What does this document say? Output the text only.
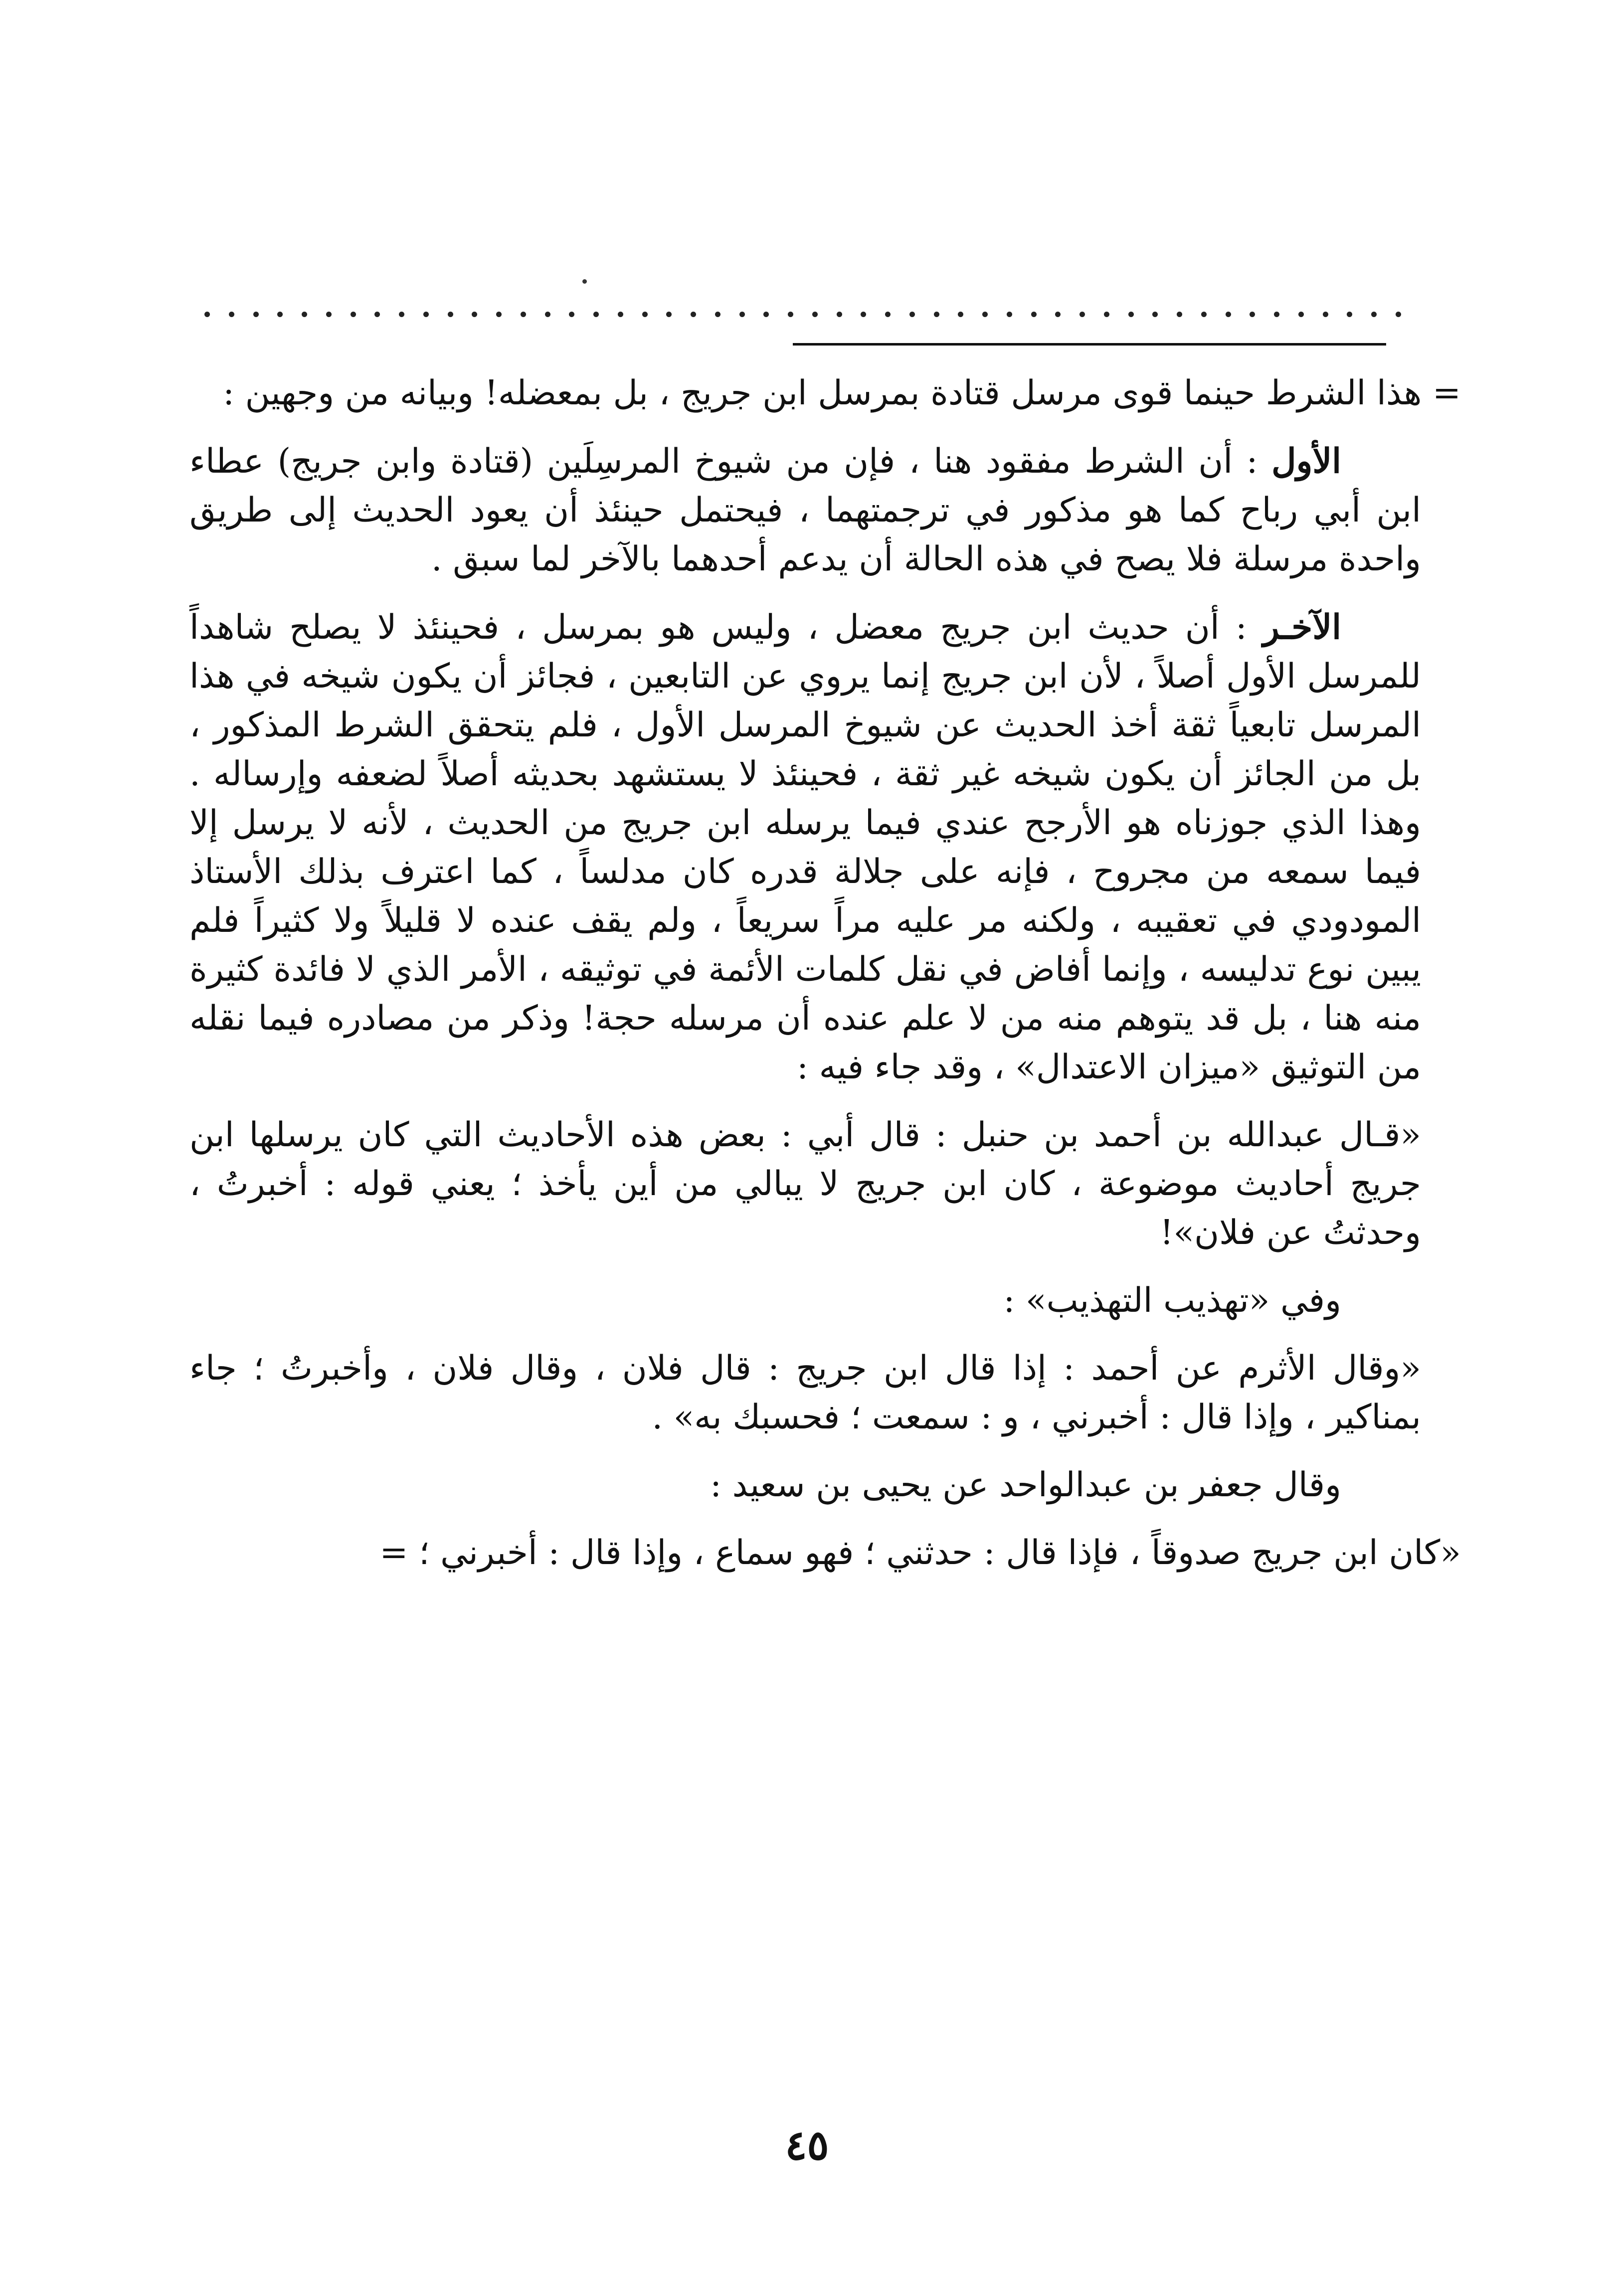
= هذا الشرط حينما قوى مرسل قتادة بمرسل ابن جريج ، بل بمعضله! وبيانه من وجهين :

الأول : أن الشرط مفقود هنا ، فإن من شيوخ المرسِلَين (قتادة وابن جريج) عطاء ابن أبي رباح كما هو مذكور في ترجمتهما ، فيحتمل حينئذ أن يعود الحديث إلى طريق واحدة مرسلة فلا يصح في هذه الحالة أن يدعم أحدهما بالآخر لما سبق .

الآخـر : أن حديث ابن جريج معضل ، وليس هو بمرسل ، فحينئذ لا يصلح شاهداً للمرسل الأول أصلاً ، لأن ابن جريج إنما يروي عن التابعين ، فجائز أن يكون شيخه في هذا المرسل تابعياً ثقة أخذ الحديث عن شيوخ المرسل الأول ، فلم يتحقق الشرط المذكور ، بل من الجائز أن يكون شيخه غير ثقة ، فحينئذ لا يستشهد بحديثه أصلاً لضعفه وإرساله . وهذا الذي جوزناه هو الأرجح عندي فيما يرسله ابن جريج من الحديث ، لأنه لا يرسل إلا فيما سمعه من مجروح ، فإنه على جلالة قدره كان مدلساً ، كما اعترف بذلك الأستاذ المودودي في تعقيبه ، ولكنه مر عليه مراً سريعاً ، ولم يقف عنده لا قليلاً ولا كثيراً فلم يبين نوع تدليسه ، وإنما أفاض في نقل كلمات الأئمة في توثيقه ، الأمر الذي لا فائدة كثيرة منه هنا ، بل قد يتوهم منه من لا علم عنده أن مرسله حجة! وذكر من مصادره فيما نقله من التوثيق «ميزان الاعتدال» ، وقد جاء فيه :

«قـال عبدالله بن أحمد بن حنبل : قال أبي : بعض هذه الأحاديث التي كان يرسلها ابن جريج أحاديث موضوعة ، كان ابن جريج لا يبالي من أين يأخذ ؛ يعني قوله : أخبرتُ ، وحدثتُ عن فلان»!

وفي «تهذيب التهذيب» :

«وقال الأثرم عن أحمد : إذا قال ابن جريج : قال فلان ، وقال فلان ، وأخبرتُ ؛ جاء بمناكير ، وإذا قال : أخبرني ، و : سمعت ؛ فحسبك به» .

وقال جعفر بن عبدالواحد عن يحيى بن سعيد :

«كان ابن جريج صدوقاً ، فإذا قال : حدثني ؛ فهو سماع ، وإذا قال : أخبرني ؛ =

٤٥
